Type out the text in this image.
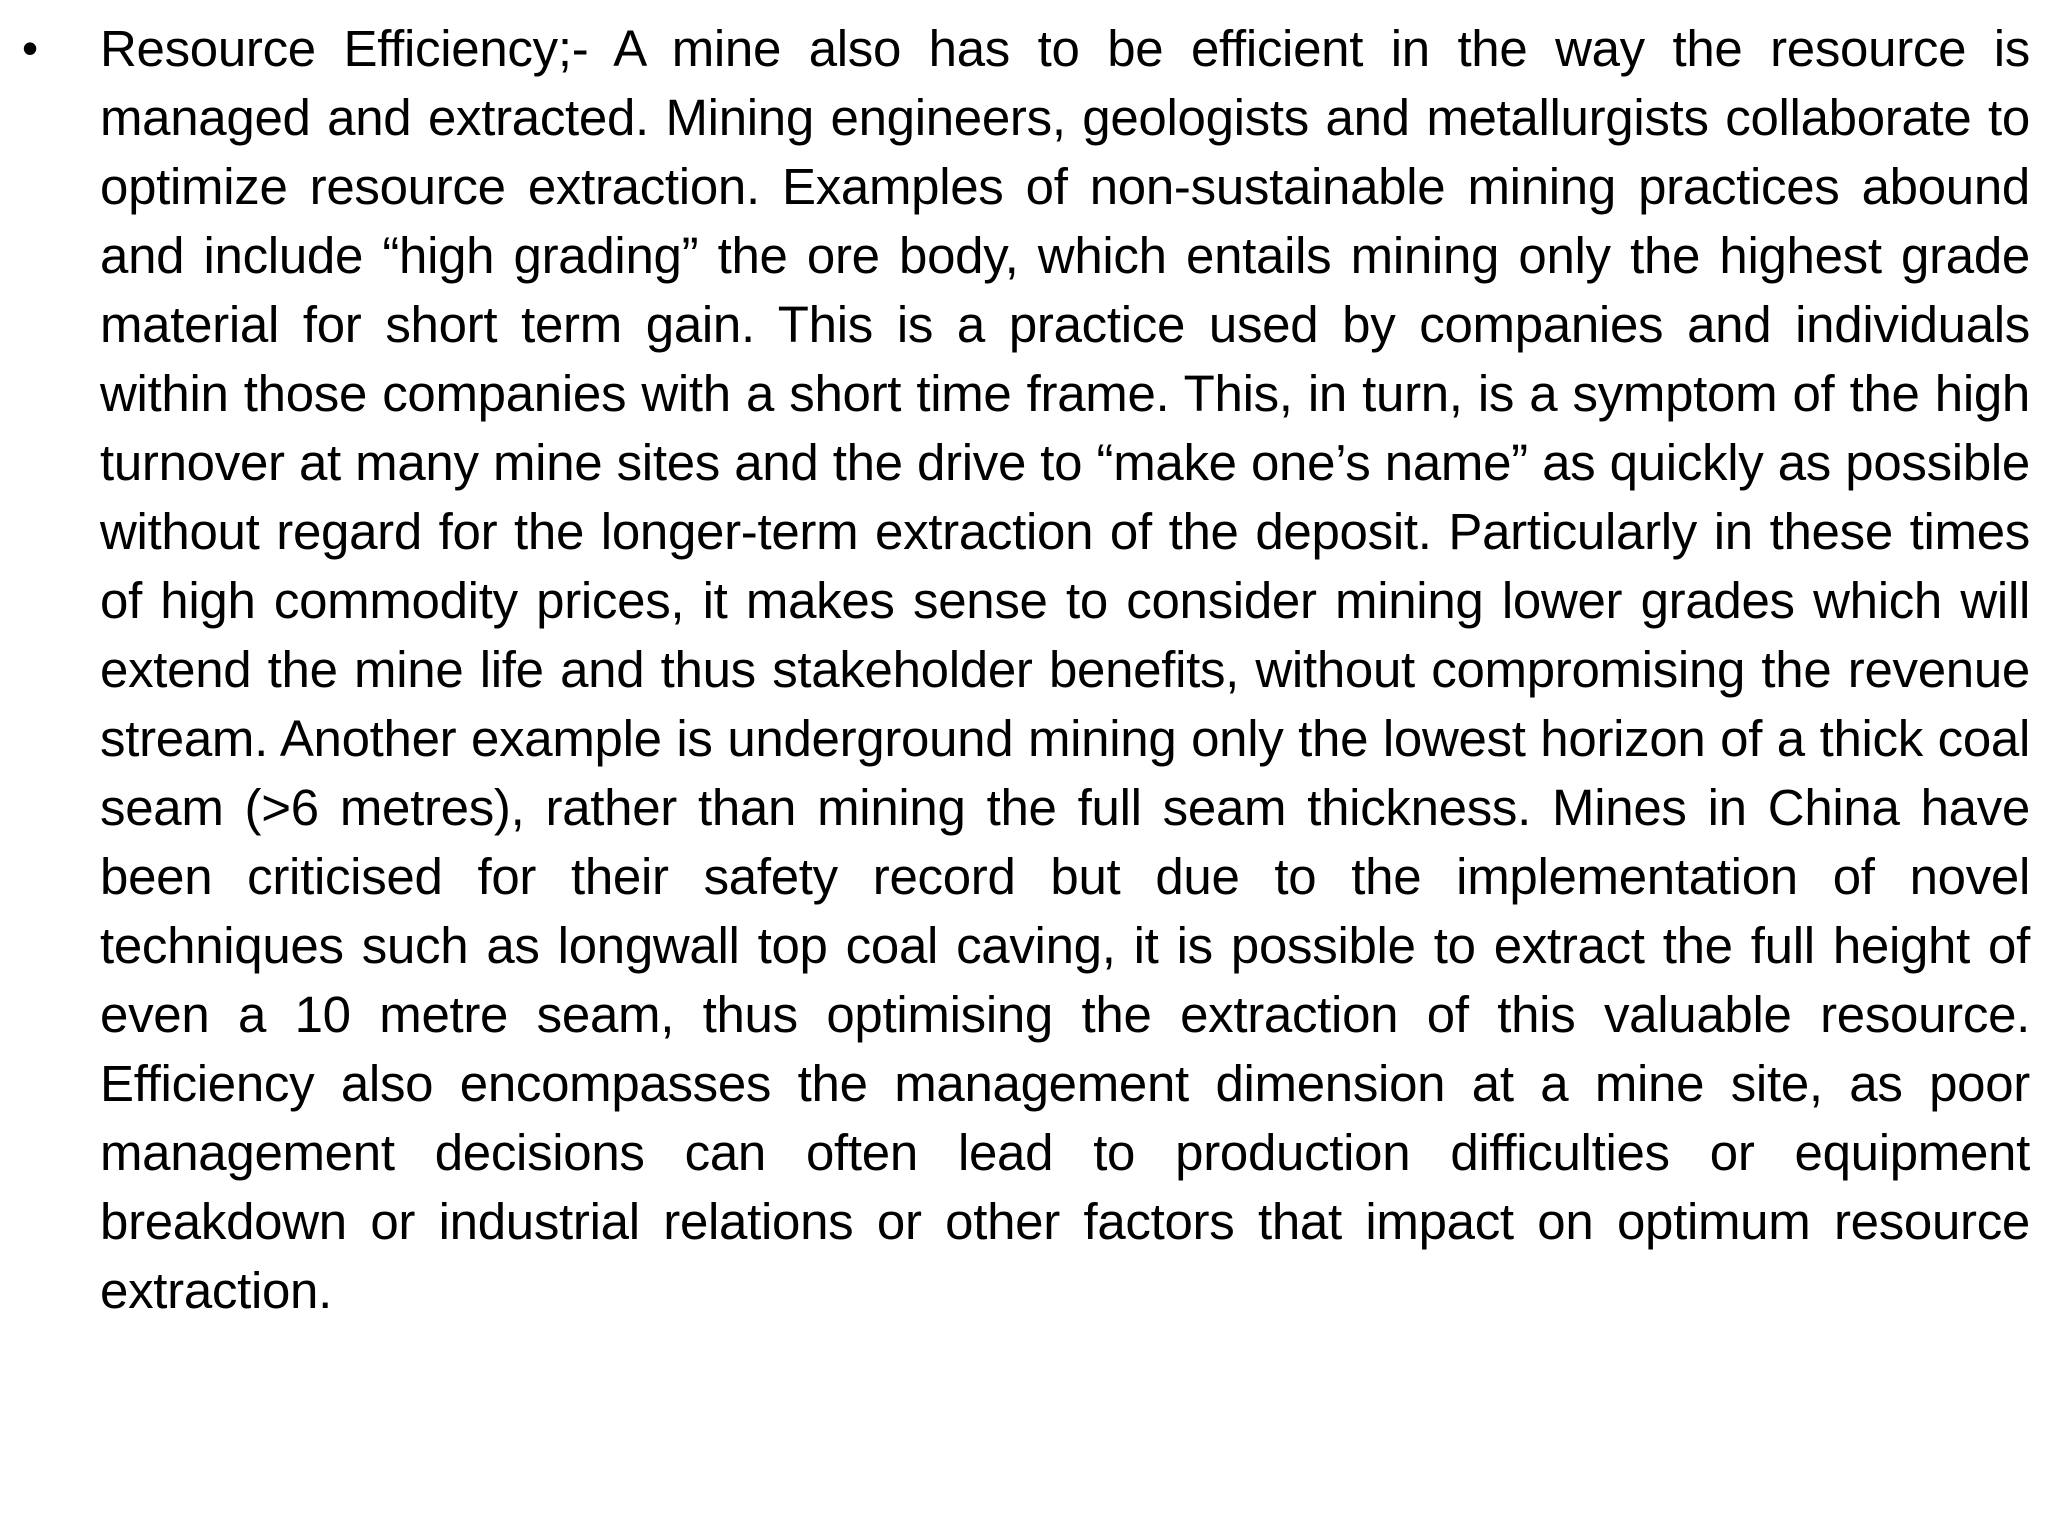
•	Resource Efficiency;- A mine also has to be efficient in the way the resource is managed and extracted. Mining engineers, geologists and metallurgists collaborate to optimize resource extraction. Examples of non-sustainable mining practices abound and include “high grading” the ore body, which entails mining only the highest grade material for short term gain. This is a practice used by companies and individuals within those companies with a short time frame. This, in turn, is a symptom of the high turnover at many mine sites and the drive to “make one’s name” as quickly as possible without regard for the longer-term extraction of the deposit. Particularly in these times of high commodity prices, it makes sense to consider mining lower grades which will extend the mine life and thus stakeholder benefits, without compromising the revenue stream. Another example is underground mining only the lowest horizon of a thick coal seam (>6 metres), rather than mining the full seam thickness. Mines in China have been criticised for their safety record but due to the implementation of novel techniques such as longwall top coal caving, it is possible to extract the full height of even a 10 metre seam, thus optimising the extraction of this valuable resource. Efficiency also encompasses the management dimension at a mine site, as poor management decisions can often lead to production difficulties or equipment breakdown or industrial relations or other factors that impact on optimum resource extraction.
